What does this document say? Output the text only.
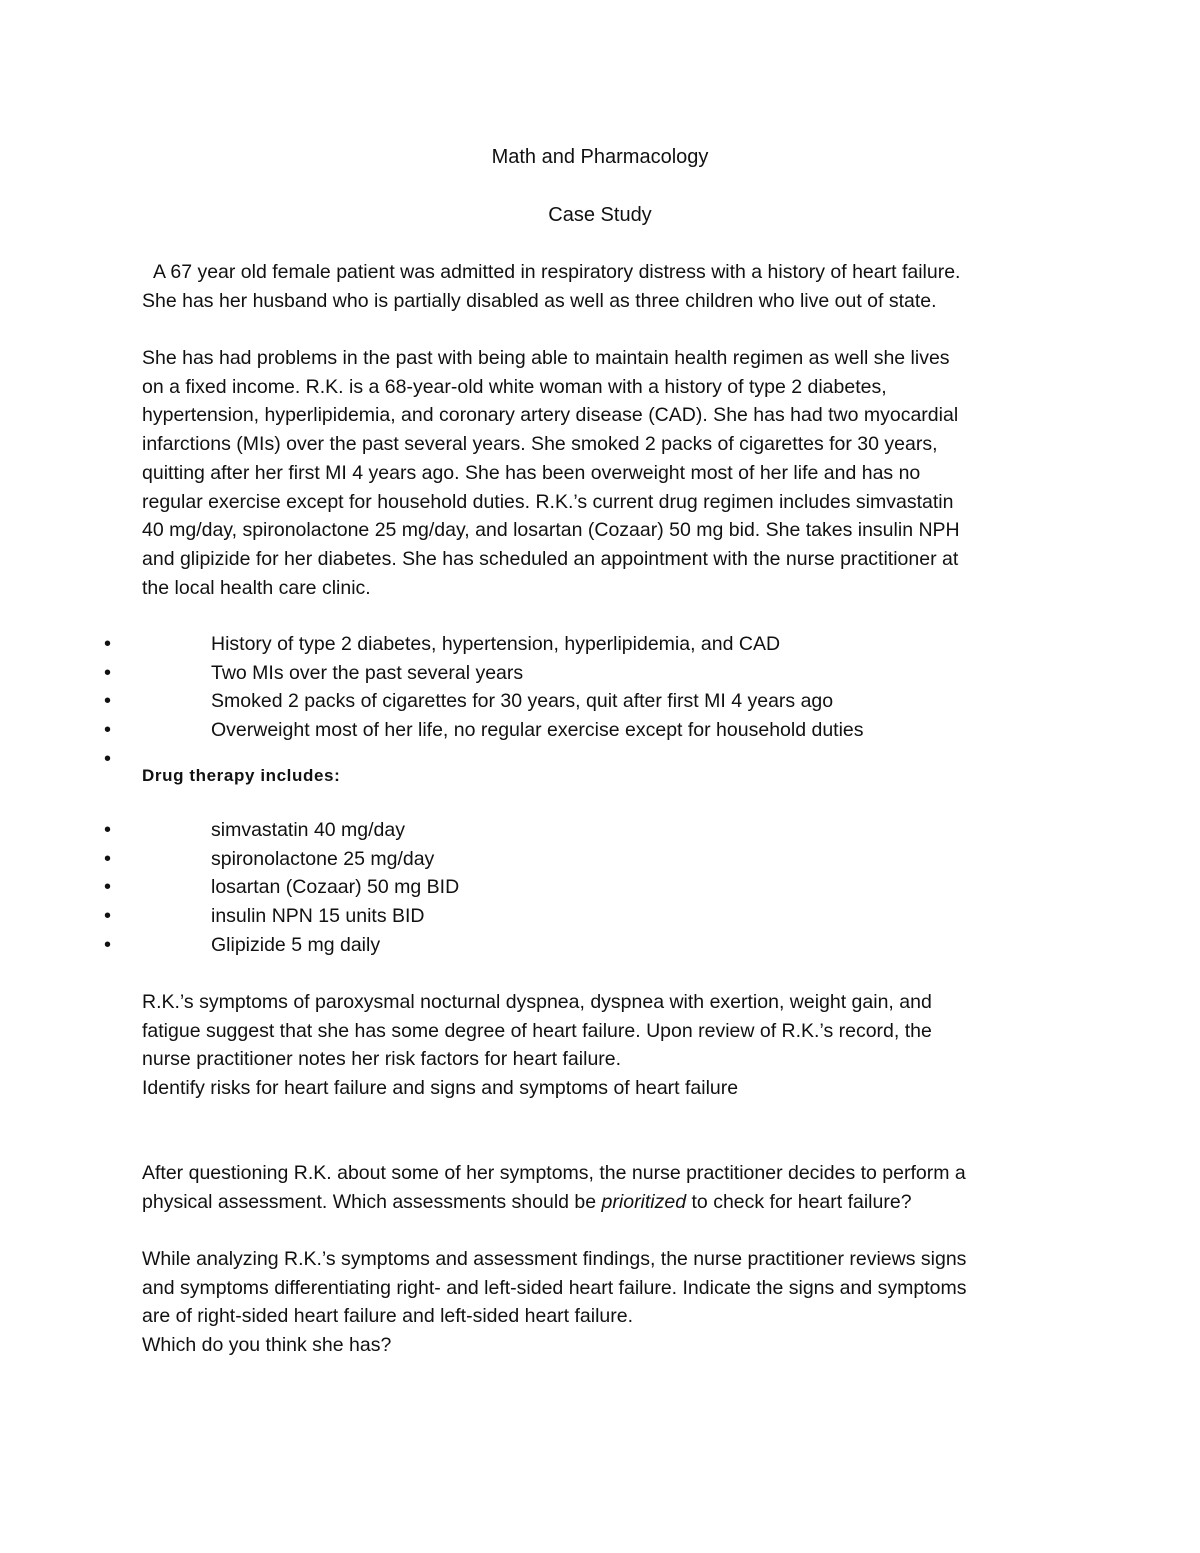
Math and Pharmacology
Case Study
A 67 year old female patient was admitted in respiratory distress with a history of heart failure.
She has her husband who is partially disabled as well as three children who live out of state.
She has had problems in the past with being able to maintain health regimen as well she lives
on a fixed income. R.K. is a 68-year-old white woman with a history of type 2 diabetes,
hypertension, hyperlipidemia, and coronary artery disease (CAD). She has had two myocardial
infarctions (MIs) over the past several years. She smoked 2 packs of cigarettes for 30 years,
quitting after her first MI 4 years ago. She has been overweight most of her life and has no
regular exercise except for household duties. R.K.’s current drug regimen includes simvastatin
40 mg/day, spironolactone 25 mg/day, and losartan (Cozaar) 50 mg bid. She takes insulin NPH
and glipizide for her diabetes. She has scheduled an appointment with the nurse practitioner at
the local health care clinic.
•	History of type 2 diabetes, hypertension, hyperlipidemia, and CAD
•	Two MIs over the past several years
•	Smoked 2 packs of cigarettes for 30 years, quit after first MI 4 years ago
•	Overweight most of her life, no regular exercise except for household duties
•
Drug therapy includes:
•	simvastatin 40 mg/day
•	spironolactone 25 mg/day
•	losartan (Cozaar) 50 mg BID
•	insulin NPN 15 units BID
•	Glipizide 5 mg daily
R.K.’s symptoms of paroxysmal nocturnal dyspnea, dyspnea with exertion, weight gain, and
fatigue suggest that she has some degree of heart failure. Upon review of R.K.’s record, the
nurse practitioner notes her risk factors for heart failure.
Identify risks for heart failure and signs and symptoms of heart failure
After questioning R.K. about some of her symptoms, the nurse practitioner decides to perform a
physical assessment. Which assessments should be prioritized to check for heart failure?
While analyzing R.K.’s symptoms and assessment findings, the nurse practitioner reviews signs
and symptoms differentiating right- and left-sided heart failure. Indicate the signs and symptoms
are of right-sided heart failure and left-sided heart failure.
Which do you think she has?
